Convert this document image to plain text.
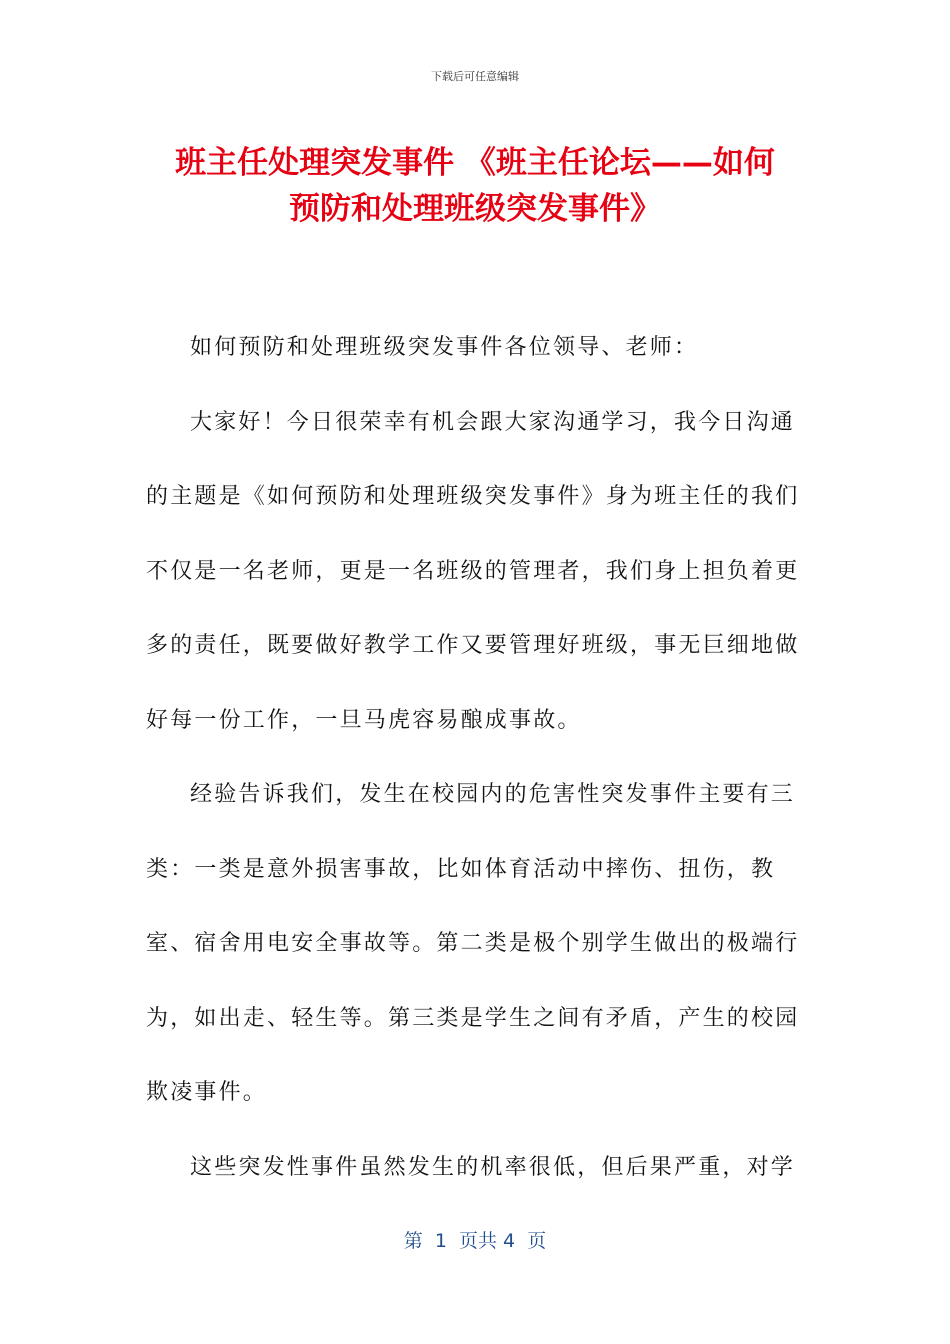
下载后可任意编辑
班主任处理突发事件 《班主任论坛——如何
预防和处理班级突发事件》

如何预防和处理班级突发事件各位领导、老师：

大家好！今日很荣幸有机会跟大家沟通学习，我今日沟通的主题是《如何预防和处理班级突发事件》身为班主任的我们不仅是一名老师，更是一名班级的管理者，我们身上担负着更多的责任，既要做好教学工作又要管理好班级，事无巨细地做好每一份工作，一旦马虎容易酿成事故。

经验告诉我们，发生在校园内的危害性突发事件主要有三类：一类是意外损害事故，比如体育活动中摔伤、扭伤，教室、宿舍用电安全事故等。第二类是极个别学生做出的极端行为，如出走、轻生等。第三类是学生之间有矛盾，产生的校园欺凌事件。

这些突发性事件虽然发生的机率很低，但后果严重，对学

第  1  页共 4  页
